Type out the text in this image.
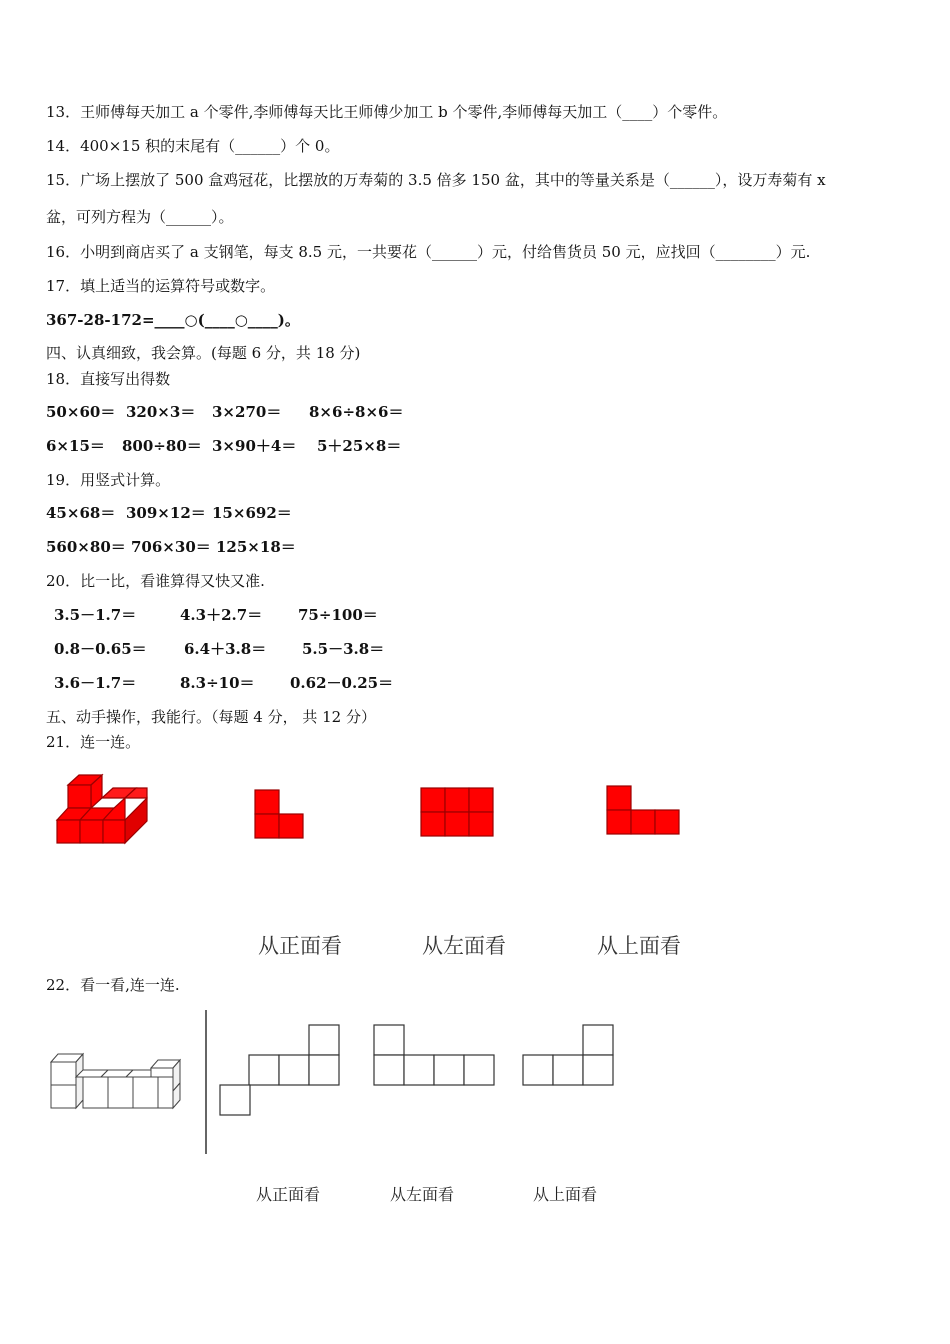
13．王师傅每天加工 a 个零件,李师傅每天比王师傅少加工 b 个零件,李师傅每天加工（____）个零件。
14．400×15 积的末尾有（______）个 0。
15．广场上摆放了 500 盒鸡冠花，比摆放的万寿菊的 3.5 倍多 150 盆，其中的等量关系是（______），设万寿菊有 x
盆，可列方程为（______）。
16．小明到商店买了 a 支钢笔，每支 8.5 元，一共要花（______）元，付给售货员 50 元，应找回（________）元.
17．填上适当的运算符号或数字。
367-28-172=____○(____○____)。
四、认真细致，我会算。(每题 6 分，共 18 分)
18．直接写出得数
50×60＝ 320×3＝ 3×270＝ 8×6÷8×6＝
6×15＝ 800÷80＝ 3×90＋4＝ 5＋25×8＝
19．用竖式计算。
45×68＝ 309×12＝ 15×692＝
560×80＝ 706×30＝ 125×18＝
20．比一比，看谁算得又快又准.
3.5－1.7＝	4.3＋2.7＝ 75÷100＝
0.8－0.65＝ 6.4＋3.8＝ 5.5－3.8＝
3.6－1.7＝	8.3÷10＝ 0.62－0.25＝
五、动手操作，我能行。（每题 4 分， 共 12 分）
21．连一连。
从正面看	从左面看	从上面看
22．看一看,连一连.
从正面看	从左面看	从上面看
